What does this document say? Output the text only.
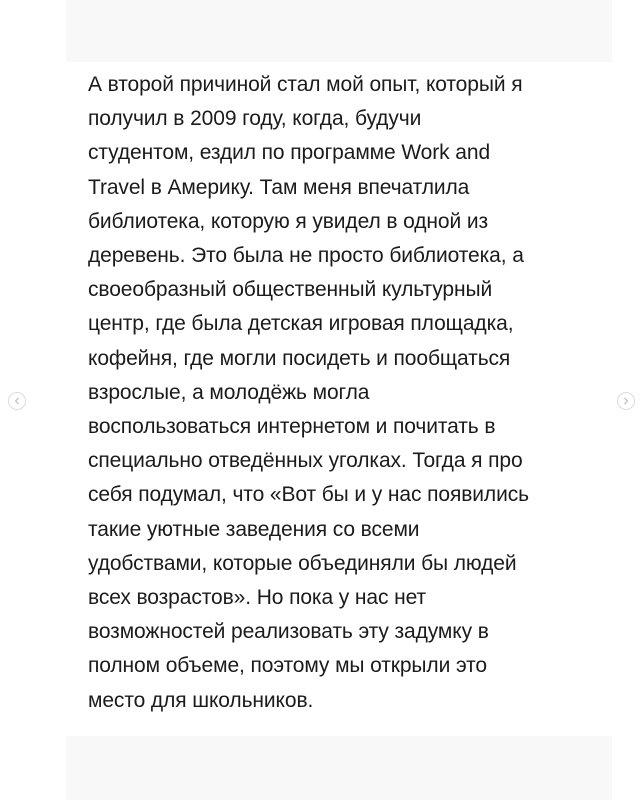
А второй причиной стал мой опыт, который я
получил в 2009 году, когда, будучи
студентом, ездил по программе Work and
Travel в Америку. Там меня впечатлила
библиотека, которую я увидел в одной из
деревень. Это была не просто библиотека, а
своеобразный общественный культурный
центр, где была детская игровая площадка,
кофейня, где могли посидеть и пообщаться
взрослые, а молодёжь могла
воспользоваться интернетом и почитать в
специально отведённых уголках. Тогда я про
себя подумал, что «Вот бы и у нас появились
такие уютные заведения со всеми
удобствами, которые объединяли бы людей
всех возрастов». Но пока у нас нет
возможностей реализовать эту задумку в
полном объеме, поэтому мы открыли это
место для школьников.
